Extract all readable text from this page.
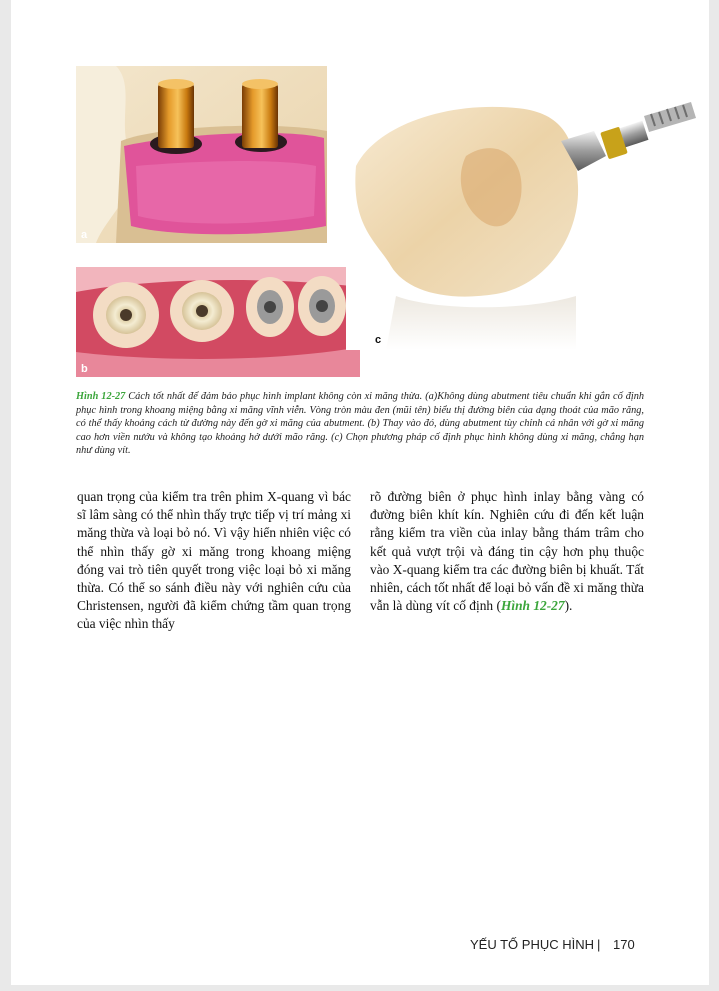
a
b
c
Hình 12-27 Cách tốt nhất để đảm bảo phục hình implant không còn xi măng thừa. (a)Không dùng abutment tiêu chuẩn khi gắn cố định phục hình trong khoang miệng bằng xi măng vĩnh viễn. Vòng tròn màu đen (mũi tên) biểu thị đường biên của dạng thoát của mão răng, có thể thấy khoảng cách từ đường này đến gờ xi măng của abutment. (b) Thay vào đó, dùng abutment tùy chỉnh cá nhân với gờ xi măng cao hơn viền nướu và không tạo khoảng hở dưới mão răng. (c) Chọn phương pháp cố định phục hình không dùng xi măng, chẳng hạn như dùng vít.
quan trọng của kiểm tra trên phim X-quang vì bác sĩ lâm sàng có thể nhìn thấy trực tiếp vị trí mảng xi măng thừa và loại bỏ nó. Vì vậy hiển nhiên việc có thể nhìn thấy gờ xi măng trong khoang miệng đóng vai trò tiên quyết trong việc loại bỏ xi măng thừa. Có thể so sánh điều này với nghiên cứu của Christensen, người đã kiểm chứng tầm quan trọng của việc nhìn thấy
rõ đường biên ở phục hình inlay bằng vàng có đường biên khít kín. Nghiên cứu đi đến kết luận rằng kiểm tra viền của inlay bằng thám trâm cho kết quả vượt trội và đáng tin cậy hơn phụ thuộc vào X-quang kiểm tra các đường biên bị khuất. Tất nhiên, cách tốt nhất để loại bỏ vấn đề xi măng thừa vẫn là dùng vít cố định (Hình 12-27).
YẾU TỐ PHỤC HÌNH | 170
